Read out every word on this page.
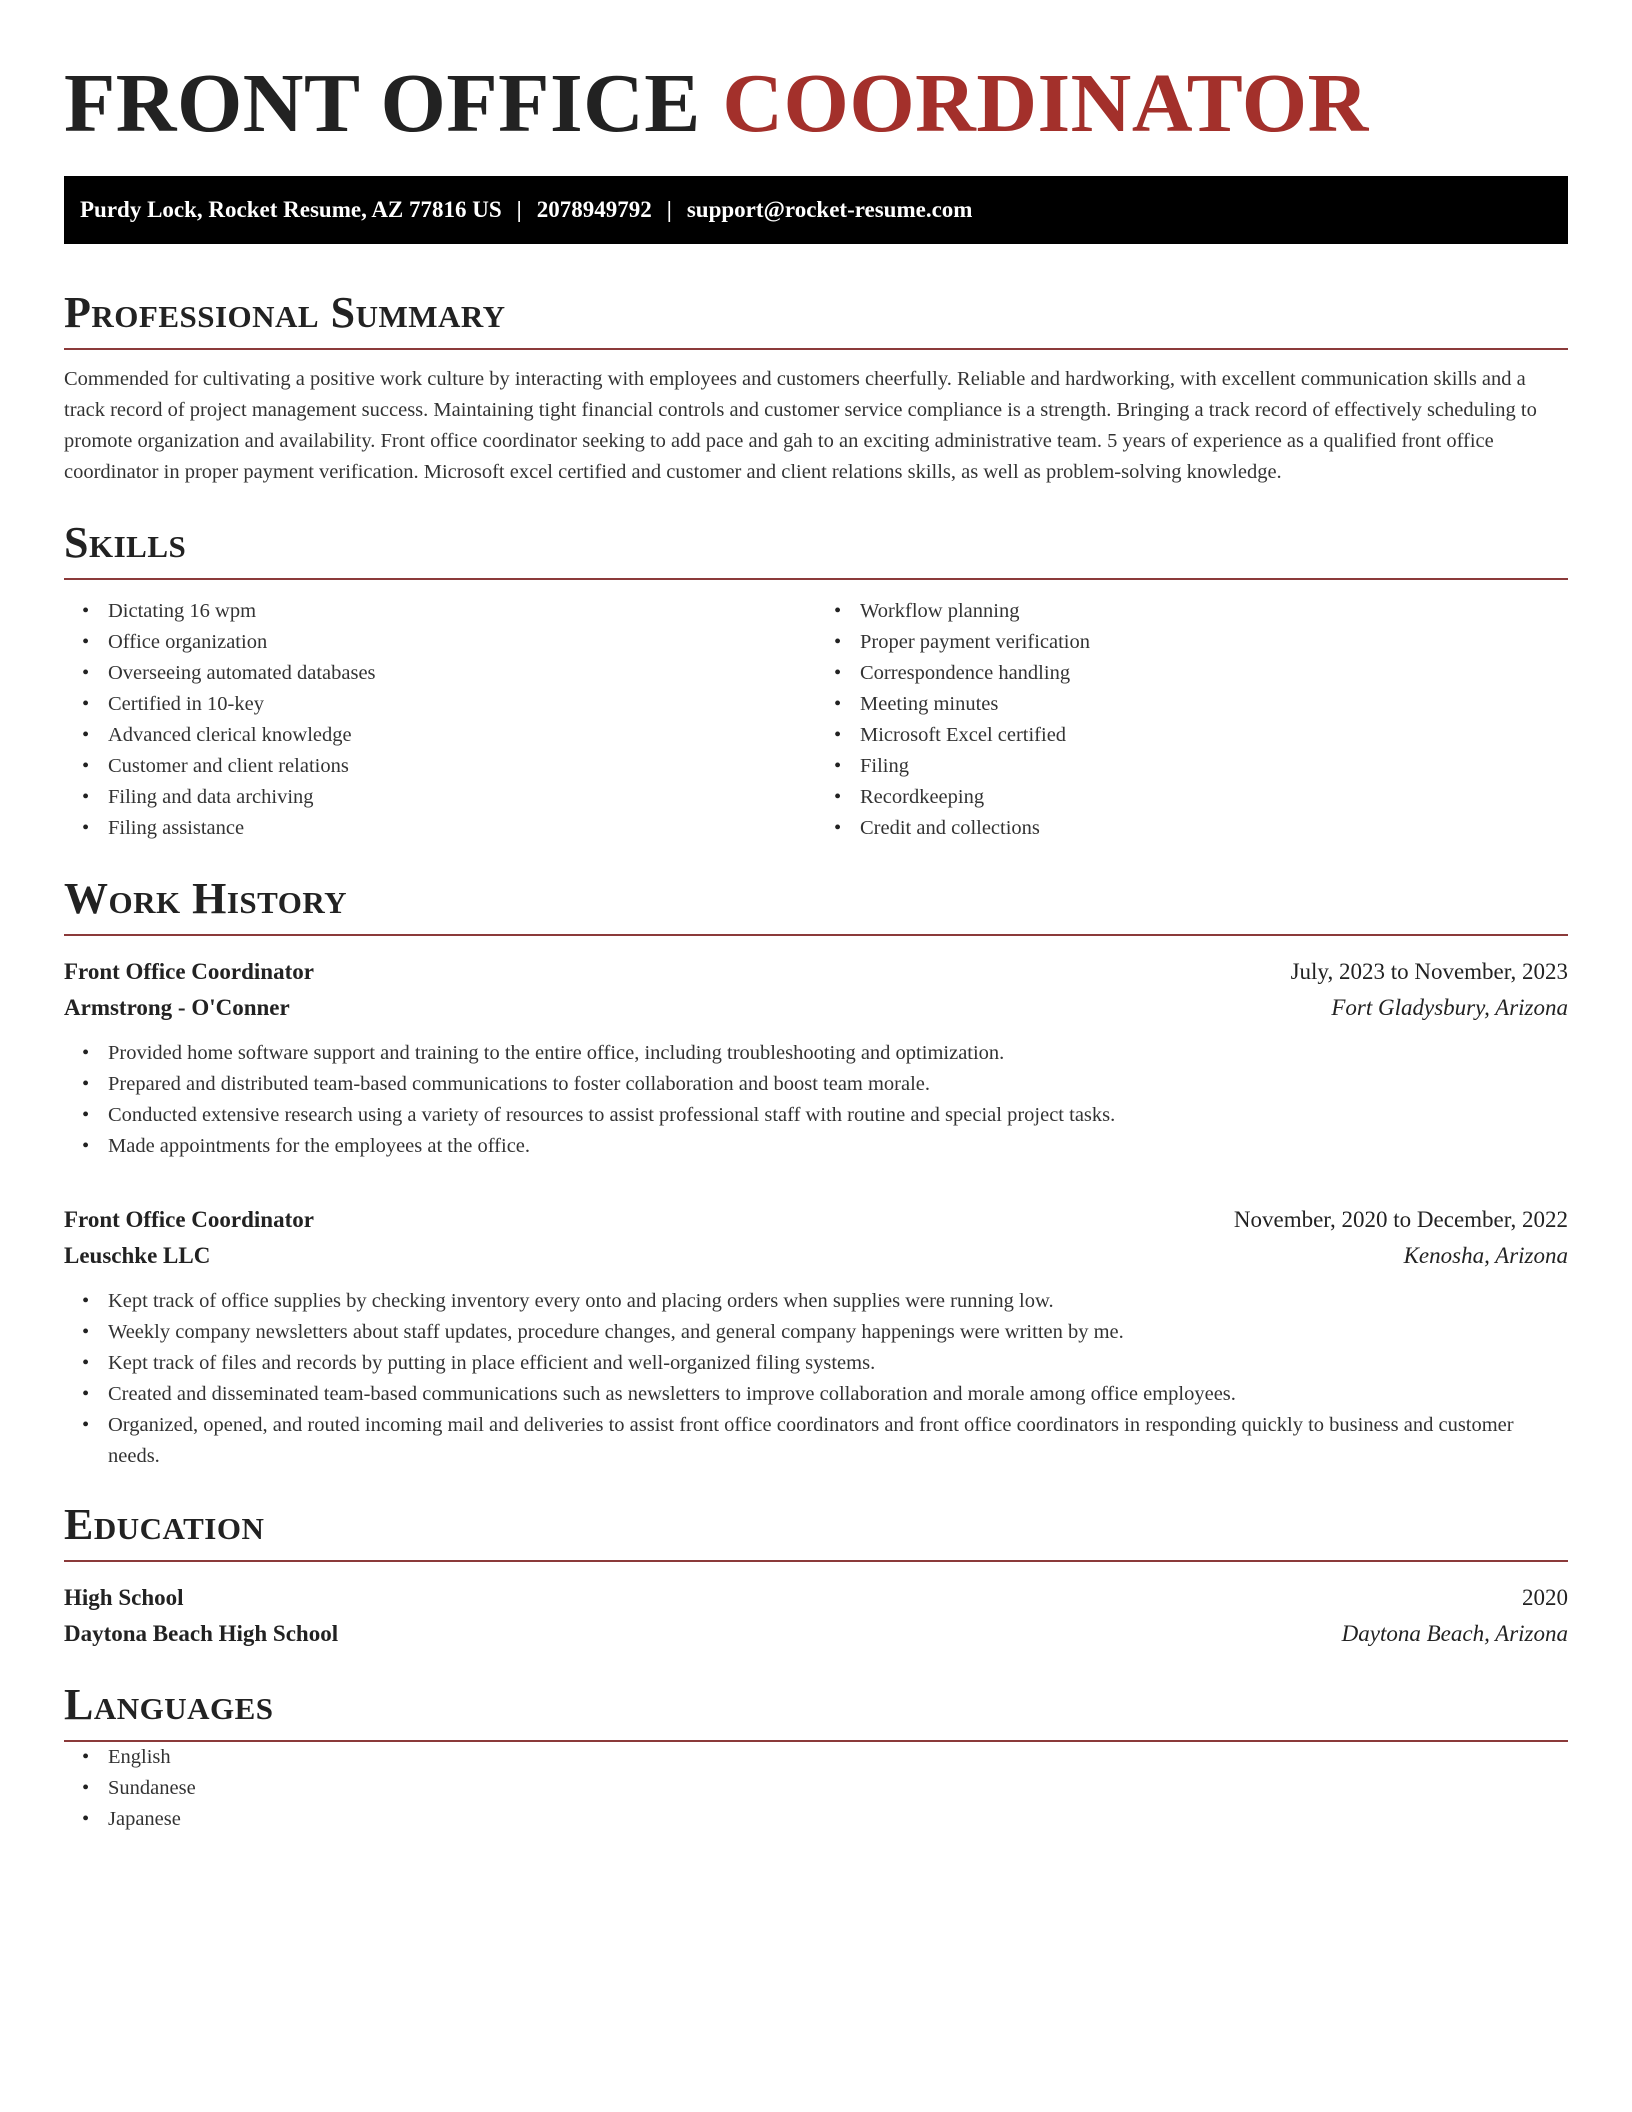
FRONT OFFICE COORDINATOR
Purdy Lock, Rocket Resume, AZ 77816 US | 2078949792 | support@rocket-resume.com
Professional Summary

Commended for cultivating a positive work culture by interacting with employees and customers cheerfully. Reliable and hardworking, with excellent communication skills and a track record of project management success. Maintaining tight financial controls and customer service compliance is a strength. Bringing a track record of effectively scheduling to promote organization and availability. Front office coordinator seeking to add pace and gah to an exciting administrative team. 5 years of experience as a qualified front office coordinator in proper payment verification. Microsoft excel certified and customer and client relations skills, as well as problem-solving knowledge.

Skills
• Dictating 16 wpm
• Office organization
• Overseeing automated databases
• Certified in 10-key
• Advanced clerical knowledge
• Customer and client relations
• Filing and data archiving
• Filing assistance
• Workflow planning
• Proper payment verification
• Correspondence handling
• Meeting minutes
• Microsoft Excel certified
• Filing
• Recordkeeping
• Credit and collections
Work History
Front Office Coordinator	July, 2023 to November, 2023
Armstrong - O'Conner	Fort Gladysbury, Arizona
• Provided home software support and training to the entire office, including troubleshooting and optimization.
• Prepared and distributed team-based communications to foster collaboration and boost team morale.
• Conducted extensive research using a variety of resources to assist professional staff with routine and special project tasks.
• Made appointments for the employees at the office.
Front Office Coordinator	November, 2020 to December, 2022
Leuschke LLC	Kenosha, Arizona
• Kept track of office supplies by checking inventory every onto and placing orders when supplies were running low.
• Weekly company newsletters about staff updates, procedure changes, and general company happenings were written by me.
• Kept track of files and records by putting in place efficient and well-organized filing systems.
• Created and disseminated team-based communications such as newsletters to improve collaboration and morale among office employees.
• Organized, opened, and routed incoming mail and deliveries to assist front office coordinators and front office coordinators in responding quickly to business and customer needs.
Education
High School	2020
Daytona Beach High School	Daytona Beach, Arizona
Languages
• English
• Sundanese
• Japanese
